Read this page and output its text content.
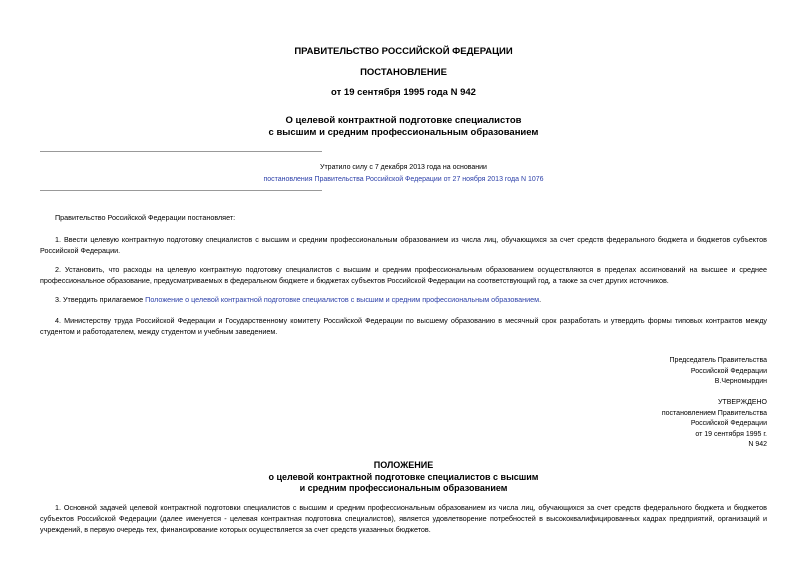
ПРАВИТЕЛЬСТВО РОССИЙСКОЙ ФЕДЕРАЦИИ
ПОСТАНОВЛЕНИЕ
от 19 сентября 1995 года N 942
О целевой контрактной подготовке специалистов
с высшим и средним профессиональным образованием
Утратило силу с 7 декабря 2013 года на основании
постановления Правительства Российской Федерации от 27 ноября 2013 года N 1076
Правительство Российской Федерации постановляет:
1. Ввести целевую контрактную подготовку специалистов с высшим и средним профессиональным образованием из числа лиц, обучающихся за счет средств федерального бюджета и бюджетов субъектов Российской Федерации.
2. Установить, что расходы на целевую контрактную подготовку специалистов с высшим и средним профессиональным образованием осуществляются в пределах ассигнований на высшее и среднее профессиональное образование, предусматриваемых в федеральном бюджете и бюджетах субъектов Российской Федерации на соответствующий год, а также за счет других источников.
3. Утвердить прилагаемое Положение о целевой контрактной подготовке специалистов с высшим и средним профессиональным образованием.
4. Министерству труда Российской Федерации и Государственному комитету Российской Федерации по высшему образованию в месячный срок разработать и утвердить формы типовых контрактов между студентом и работодателем, между студентом и учебным заведением.
Председатель Правительства
Российской Федерации
В.Черномырдин
УТВЕРЖДЕНО
постановлением Правительства
Российской Федерации
от 19 сентября 1995 г.
N 942
ПОЛОЖЕНИЕ
о целевой контрактной подготовке специалистов с высшим
и средним профессиональным образованием
1. Основной задачей целевой контрактной подготовки специалистов с высшим и средним профессиональным образованием из числа лиц, обучающихся за счет средств федерального бюджета и бюджетов субъектов Российской Федерации (далее именуется - целевая контрактная подготовка специалистов), является удовлетворение потребностей в высококвалифицированных кадрах предприятий, организаций и учреждений, в первую очередь тех, финансирование которых осуществляется за счет средств указанных бюджетов.
